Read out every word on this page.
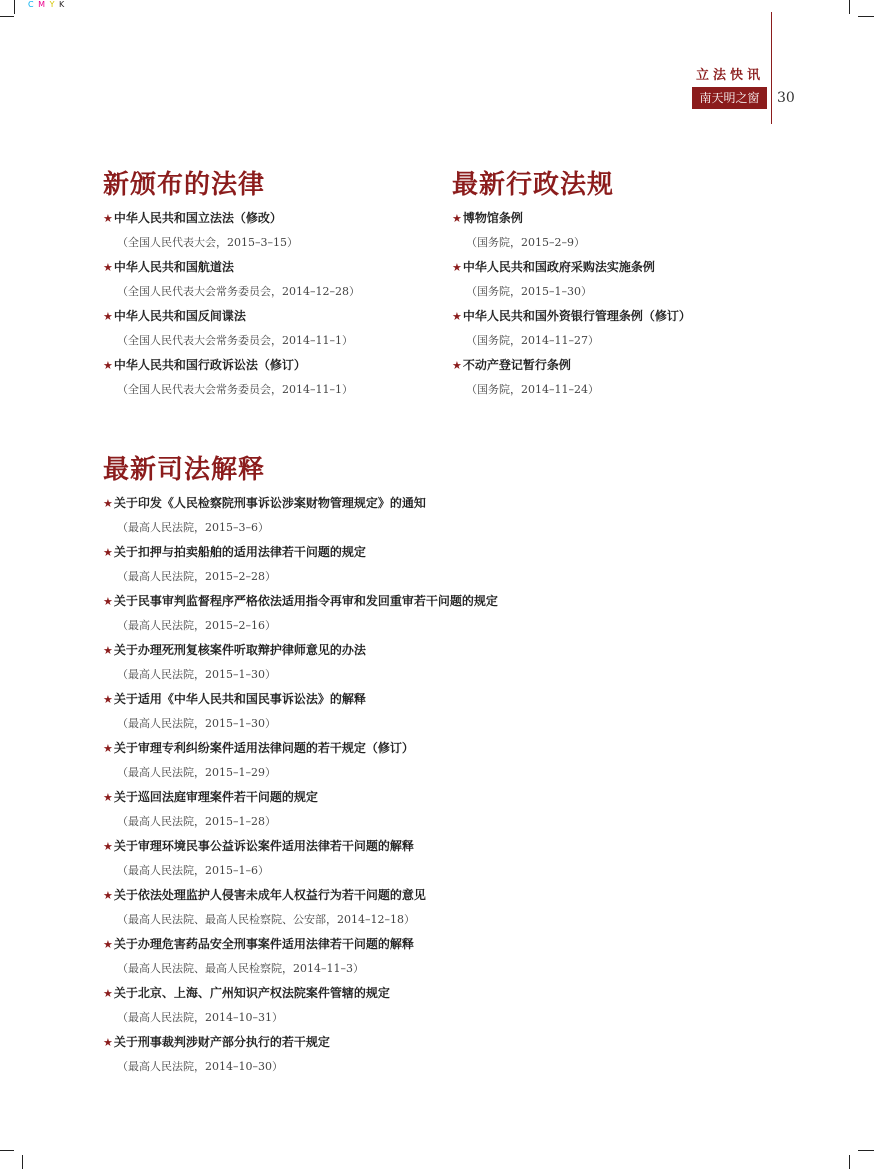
C M Y K
立法快讯
南天明之窗	30
新颁布的法律
★中华人民共和国立法法（修改）
（全国人民代表大会，2015–3–15）
★中华人民共和国航道法
（全国人民代表大会常务委员会，2014–12–28）
★中华人民共和国反间谍法
（全国人民代表大会常务委员会，2014–11–1）
★中华人民共和国行政诉讼法（修订）
（全国人民代表大会常务委员会，2014–11–1）
最新行政法规
★博物馆条例
（国务院，2015–2–9）
★中华人民共和国政府采购法实施条例
（国务院，2015–1–30）
★中华人民共和国外资银行管理条例（修订）
（国务院，2014–11–27）
★不动产登记暂行条例
（国务院，2014–11–24）
最新司法解释
★关于印发《人民检察院刑事诉讼涉案财物管理规定》的通知
（最高人民法院，2015–3–6）
★关于扣押与拍卖船舶的适用法律若干问题的规定
（最高人民法院，2015–2–28）
★关于民事审判监督程序严格依法适用指令再审和发回重审若干问题的规定
（最高人民法院，2015–2–16）
★关于办理死刑复核案件听取辩护律师意见的办法
（最高人民法院，2015–1–30）
★关于适用《中华人民共和国民事诉讼法》的解释
（最高人民法院，2015–1–30）
★关于审理专利纠纷案件适用法律问题的若干规定（修订）
（最高人民法院，2015–1–29）
★关于巡回法庭审理案件若干问题的规定
（最高人民法院，2015–1–28）
★关于审理环境民事公益诉讼案件适用法律若干问题的解释
（最高人民法院，2015–1–6）
★关于依法处理监护人侵害未成年人权益行为若干问题的意见
（最高人民法院、最高人民检察院、公安部，2014–12–18）
★关于办理危害药品安全刑事案件适用法律若干问题的解释
（最高人民法院、最高人民检察院，2014–11–3）
★关于北京、上海、广州知识产权法院案件管辖的规定
（最高人民法院，2014–10–31）
★关于刑事裁判涉财产部分执行的若干规定
（最高人民法院，2014–10–30）
